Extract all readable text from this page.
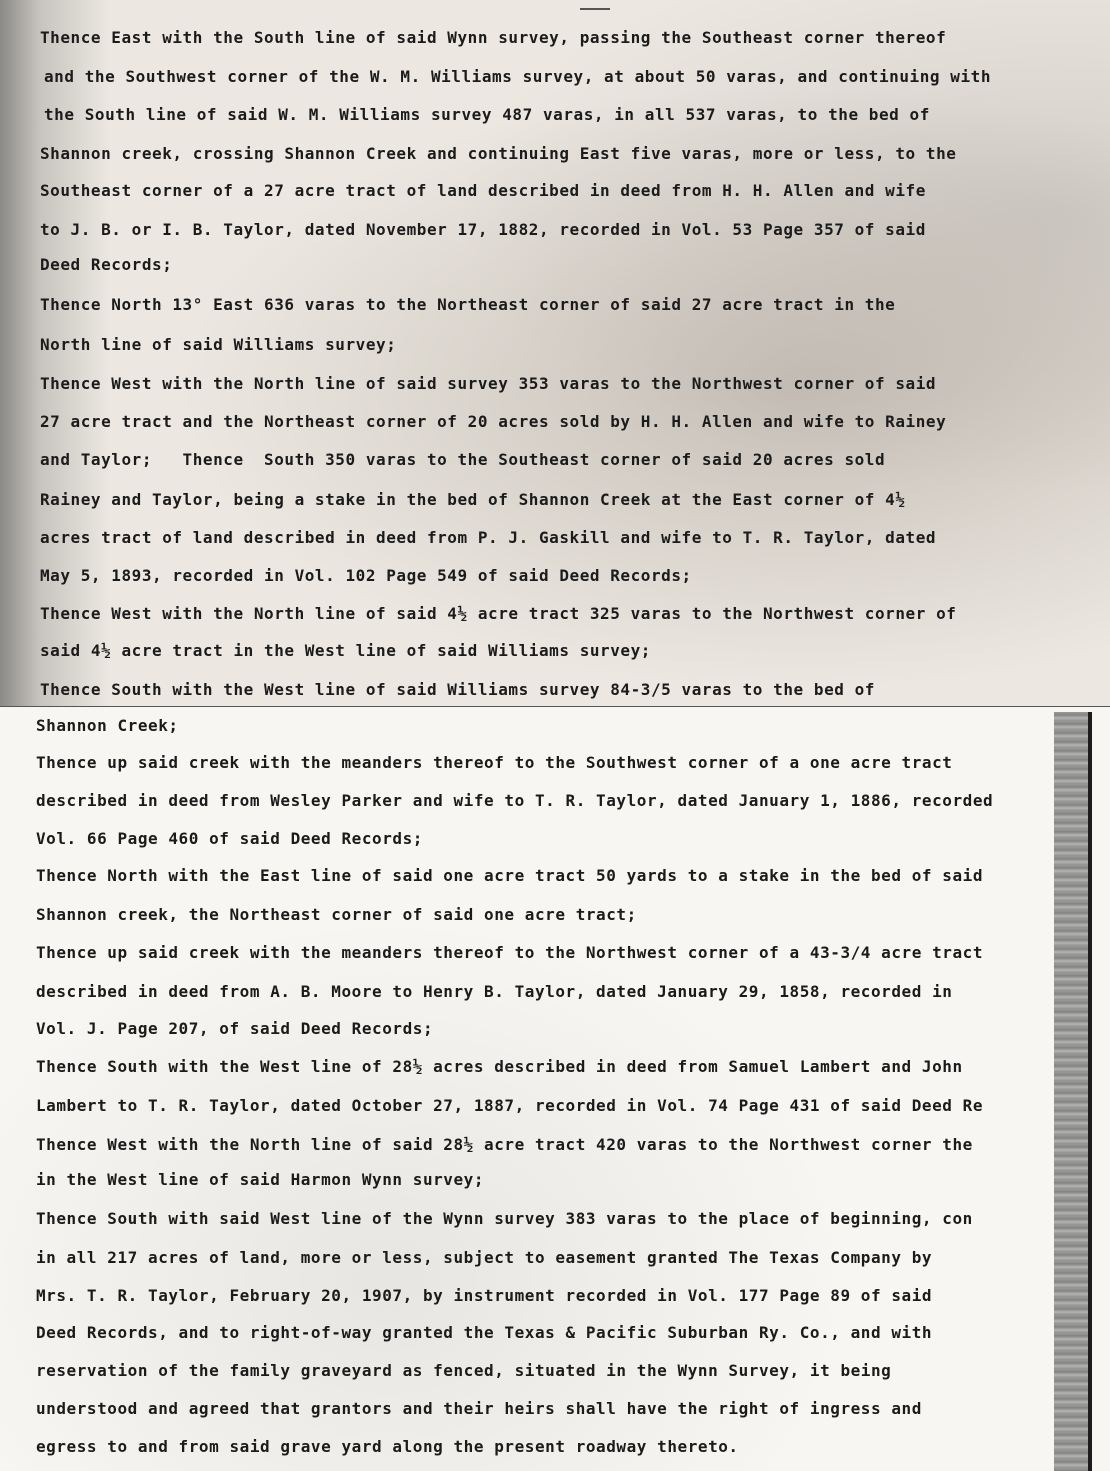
Thence East with the South line of said Wynn survey, passing the Southeast corner thereof

and the Southwest corner of the W. M. Williams survey, at about 50 varas, and continuing with

the South line of said W. M. Williams survey 487 varas, in all 537 varas, to the bed of

Shannon creek, crossing Shannon Creek and continuing East five varas, more or less, to the

Southeast corner of a 27 acre tract of land described in deed from H. H. Allen and wife

to J. B. or I. B. Taylor, dated November 17, 1882, recorded in Vol. 53 Page 357 of said

Deed Records;

Thence North 13° East 636 varas to the Northeast corner of said 27 acre tract in the

North line of said Williams survey;

Thence West with the North line of said survey 353 varas to the Northwest corner of said

27 acre tract and the Northeast corner of 20 acres sold by H. H. Allen and wife to Rainey

and Taylor;   Thence  South 350 varas to the Southeast corner of said 20 acres sold

Rainey and Taylor, being a stake in the bed of Shannon Creek at the East corner of 4½

acres tract of land described in deed from P. J. Gaskill and wife to T. R. Taylor, dated

May 5, 1893, recorded in Vol. 102 Page 549 of said Deed Records;

Thence West with the North line of said 4½ acre tract 325 varas to the Northwest corner of

said 4½ acre tract in the West line of said Williams survey;

Thence South with the West line of said Williams survey 84-3/5 varas to the bed of

Shannon Creek;

Thence up said creek with the meanders thereof to the Southwest corner of a one acre tract

described in deed from Wesley Parker and wife to T. R. Taylor, dated January 1, 1886, recorded

Vol. 66 Page 460 of said Deed Records;

Thence North with the East line of said one acre tract 50 yards to a stake in the bed of said

Shannon creek, the Northeast corner of said one acre tract;

Thence up said creek with the meanders thereof to the Northwest corner of a 43-3/4 acre tract

described in deed from A. B. Moore to Henry B. Taylor, dated January 29, 1858, recorded in

Vol. J. Page 207, of said Deed Records;

Thence South with the West line of 28½ acres described in deed from Samuel Lambert and John

Lambert to T. R. Taylor, dated October 27, 1887, recorded in Vol. 74 Page 431 of said Deed Re

Thence West with the North line of said 28½ acre tract 420 varas to the Northwest corner the

in the West line of said Harmon Wynn survey;

Thence South with said West line of the Wynn survey 383 varas to the place of beginning, con

in all 217 acres of land, more or less, subject to easement granted The Texas Company by

Mrs. T. R. Taylor, February 20, 1907, by instrument recorded in Vol. 177 Page 89 of said

Deed Records, and to right-of-way granted the Texas & Pacific Suburban Ry. Co., and with

reservation of the family graveyard as fenced, situated in the Wynn Survey, it being

understood and agreed that grantors and their heirs shall have the right of ingress and

egress to and from said grave yard along the present roadway thereto.
